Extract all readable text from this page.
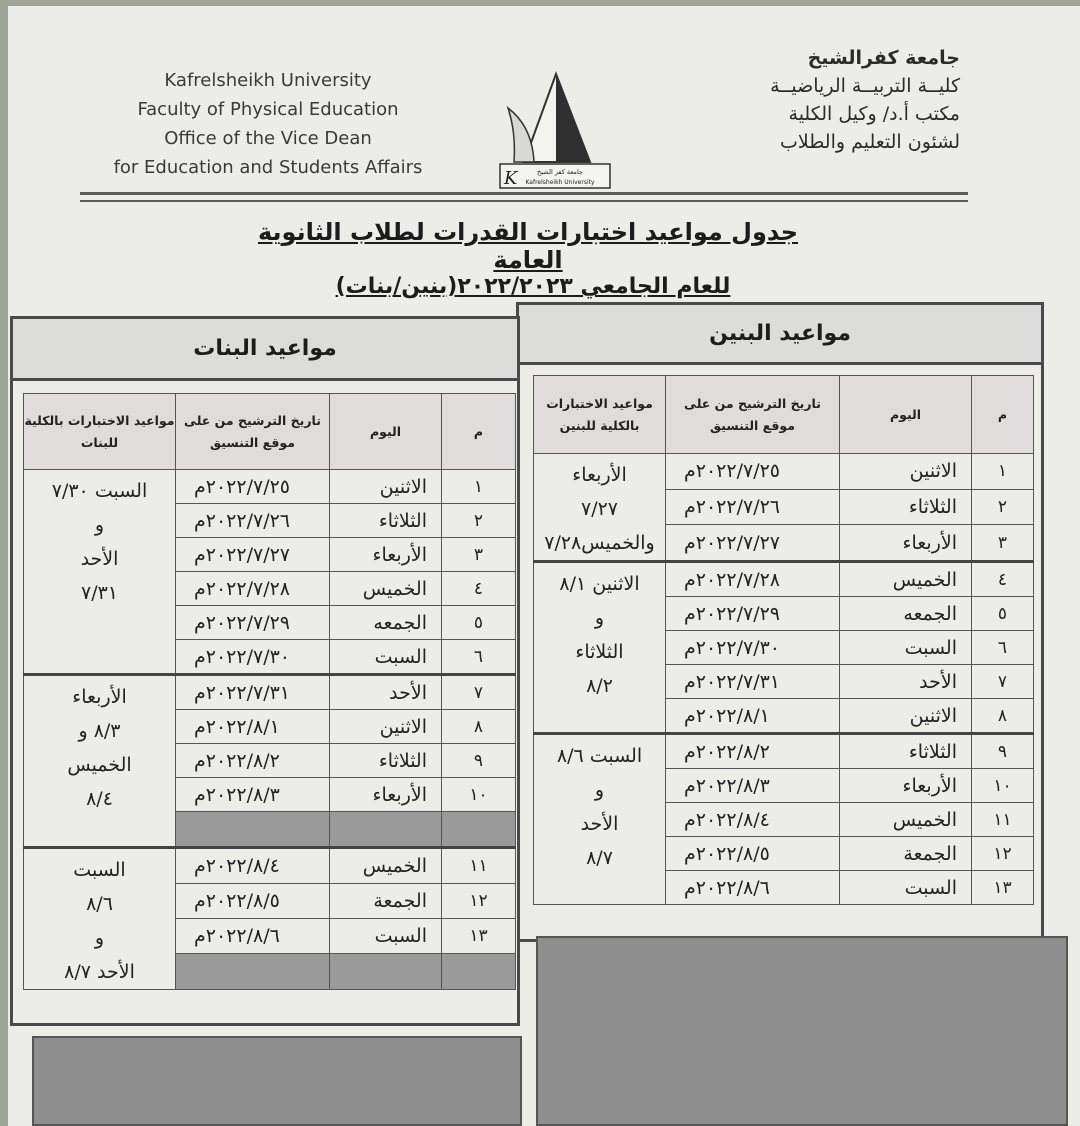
Kafrelsheikh University
Faculty of Physical Education
Office of the Vice Dean
for Education and Students Affairs
K	جامعة كفر الشيخ
Kafrelsheikh University
جامعة كفرالشيخ
كليــة التربيــة الرياضيــة
مكتب أ.د/ وكيل الكلية
لشئون التعليم والطلاب
جدول مواعيد اختبارات القدرات لطلاب الثانوية العامة
للعام الجامعي ٢٠٢٢/٢٠٢٣(بنين/بنات)
مواعيد البنين
م	اليوم	تاريخ الترشيح من على موقع التنسيق	مواعيد الاختبارات بالكلية للبنين
١	الاثنين	٢٠٢٢/٧/٢٥م	الأربعاء
٧/٢٧
والخميس٧/٢٨

٢	الثلاثاء	٢٠٢٢/٧/٢٦م	
٣	الأربعاء	٢٠٢٢/٧/٢٧م	
٤	الخميس	٢٠٢٢/٧/٢٨م	الاثنين ٨/١
و
الثلاثاء
٨/٢

٥	الجمعه	٢٠٢٢/٧/٢٩م	
٦	السبت	٢٠٢٢/٧/٣٠م	
٧	الأحد	٢٠٢٢/٧/٣١م	
٨	الاثنين	٢٠٢٢/٨/١م	
٩	الثلاثاء	٢٠٢٢/٨/٢م	السبت ٨/٦
و
الأحد
٨/٧

١٠	الأربعاء	٢٠٢٢/٨/٣م	
١١	الخميس	٢٠٢٢/٨/٤م	
١٢	الجمعة	٢٠٢٢/٨/٥م	
١٣	السبت	٢٠٢٢/٨/٦م	
مواعيد البنات
م	اليوم	تاريخ الترشيح من على موقع التنسيق	مواعيد الاختبارات بالكلية للبنات
١	الاثنين	٢٠٢٢/٧/٢٥م	السبت ٧/٣٠
و
الأحد
٧/٣١

٢	الثلاثاء	٢٠٢٢/٧/٢٦م	
٣	الأربعاء	٢٠٢٢/٧/٢٧م	
٤	الخميس	٢٠٢٢/٧/٢٨م	
٥	الجمعه	٢٠٢٢/٧/٢٩م	
٦	السبت	٢٠٢٢/٧/٣٠م	
٧	الأحد	٢٠٢٢/٧/٣١م	الأربعاء
٨/٣ و
الخميس
٨/٤

٨	الاثنين	٢٠٢٢/٨/١م	
٩	الثلاثاء	٢٠٢٢/٨/٢م	
١٠	الأربعاء	٢٠٢٢/٨/٣م	

١١	الخميس	٢٠٢٢/٨/٤م	السبت
٨/٦
و
الأحد ٨/٧

١٢	الجمعة	٢٠٢٢/٨/٥م	
١٣	السبت	٢٠٢٢/٨/٦م	
